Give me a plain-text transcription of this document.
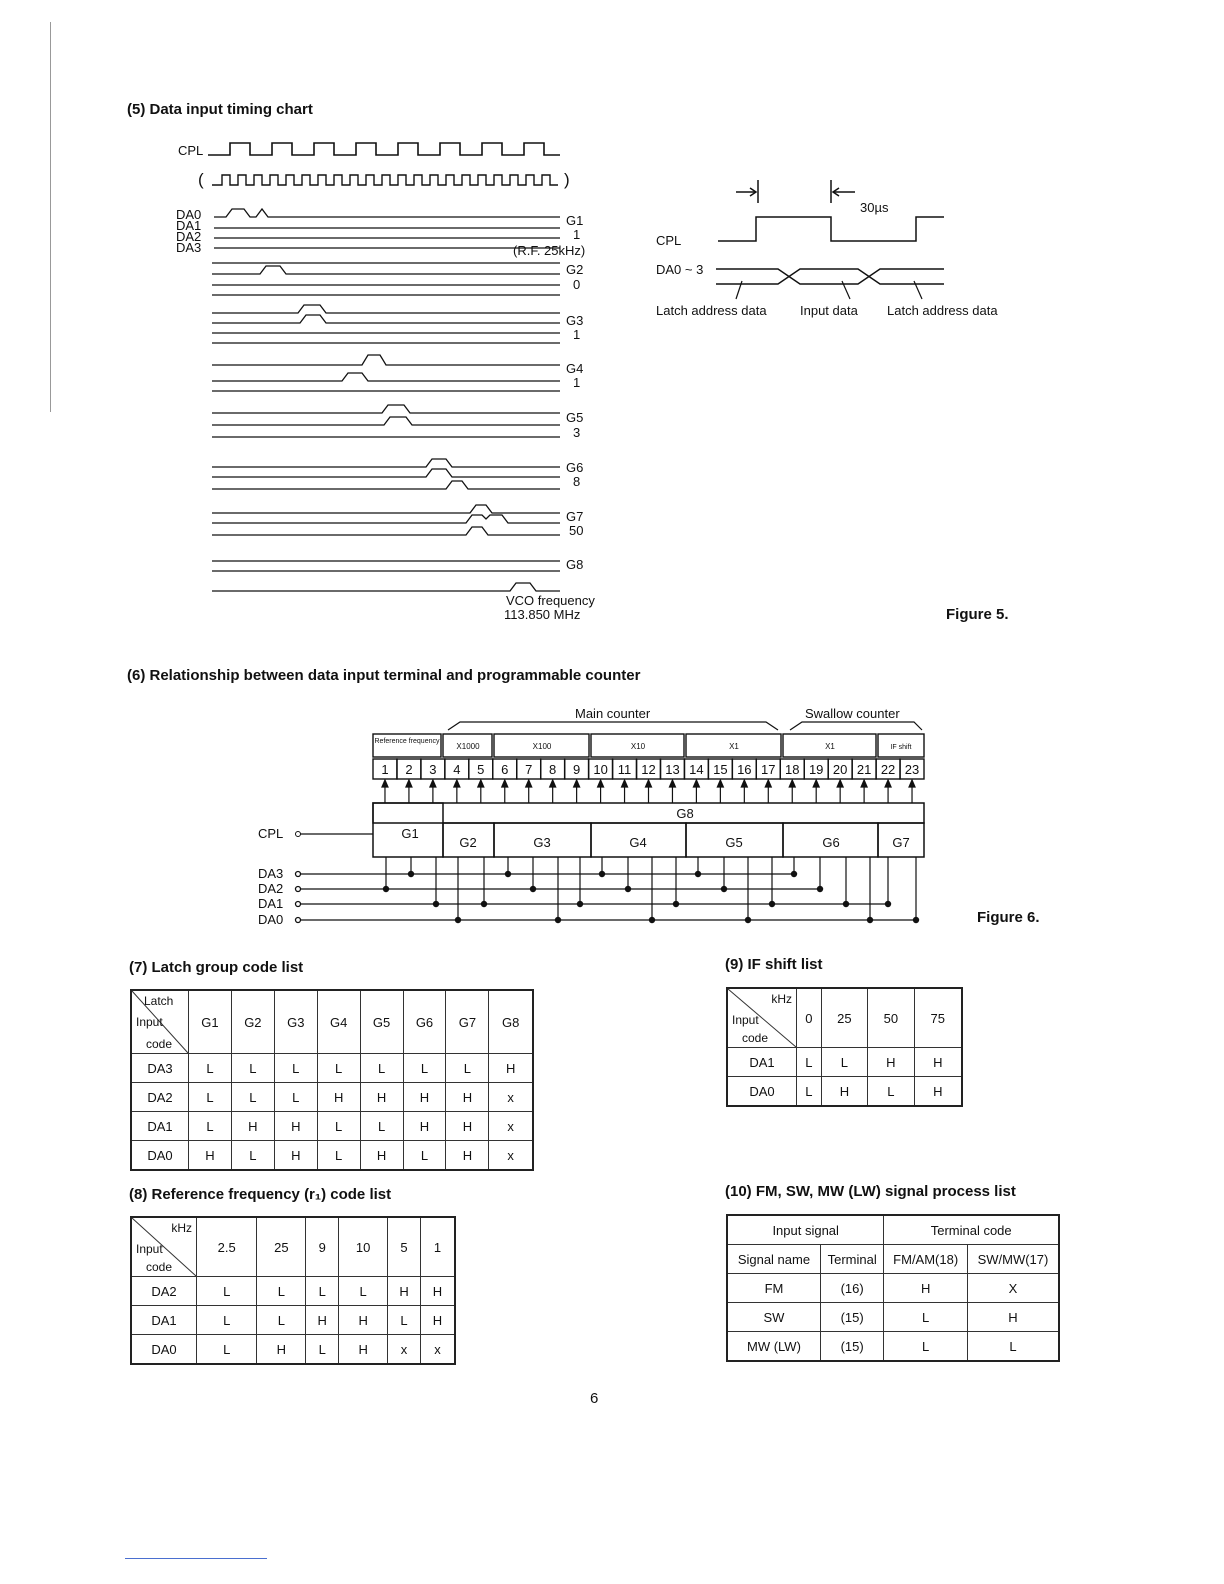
(5) Data input timing chart
CPL
(	)
DA0
DA1
DA2
DA3
G1
1
(R.F. 25kHz)
G2
0
G3
1
G4
1
G5
3
G6
8
G7
50
G8
VCO frequency
113.850 MHz
30µs
CPL
DA0 ~ 3
Latch address data	Input data Latch address data
Figure 5.
(6) Relationship between data input terminal and programmable counter
Main counter	Swallow counter
Reference frequency
X1000	X100	X10	X1	X1	IF shift
1 2 3 4 5 6 7 8 9 10 11 12 13 14 15 16 17 18 19 20 21 22 23
G8
G1
G2	G3	G4	G5	G6	G7
CPL
DA3
DA2
DA1
DA0	Figure 6.
(7) Latch group code list
Latch
Input
code	G1	G2	G3	G4	G5	G6	G7	G8
DA3	L	L	L	L	L	L	L	H
DA2	L	L	L	H	H	H	H	x
DA1	L	H	H	L	L	H	H	x
DA0	H	L	H	L	H	L	H	x
(8) Reference frequency (r₁) code list
kHz
Input
code	2.5	25	9	10	5	1
DA2	L	L	L	L	H	H
DA1	L	L	H	H	L	H
DA0	L	H	L	H	x	x
(9) IF shift list
kHz
Input
code	0	25	50	75
DA1	L	L	H	H
DA0	L	H	L	H
(10) FM, SW, MW (LW) signal process list
Input signal		Terminal code	
Signal name	Terminal	FM/AM(18)	SW/MW(17)
FM	(16)	H	X
SW	(15)	L	H
MW (LW)	(15)	L	L
6
